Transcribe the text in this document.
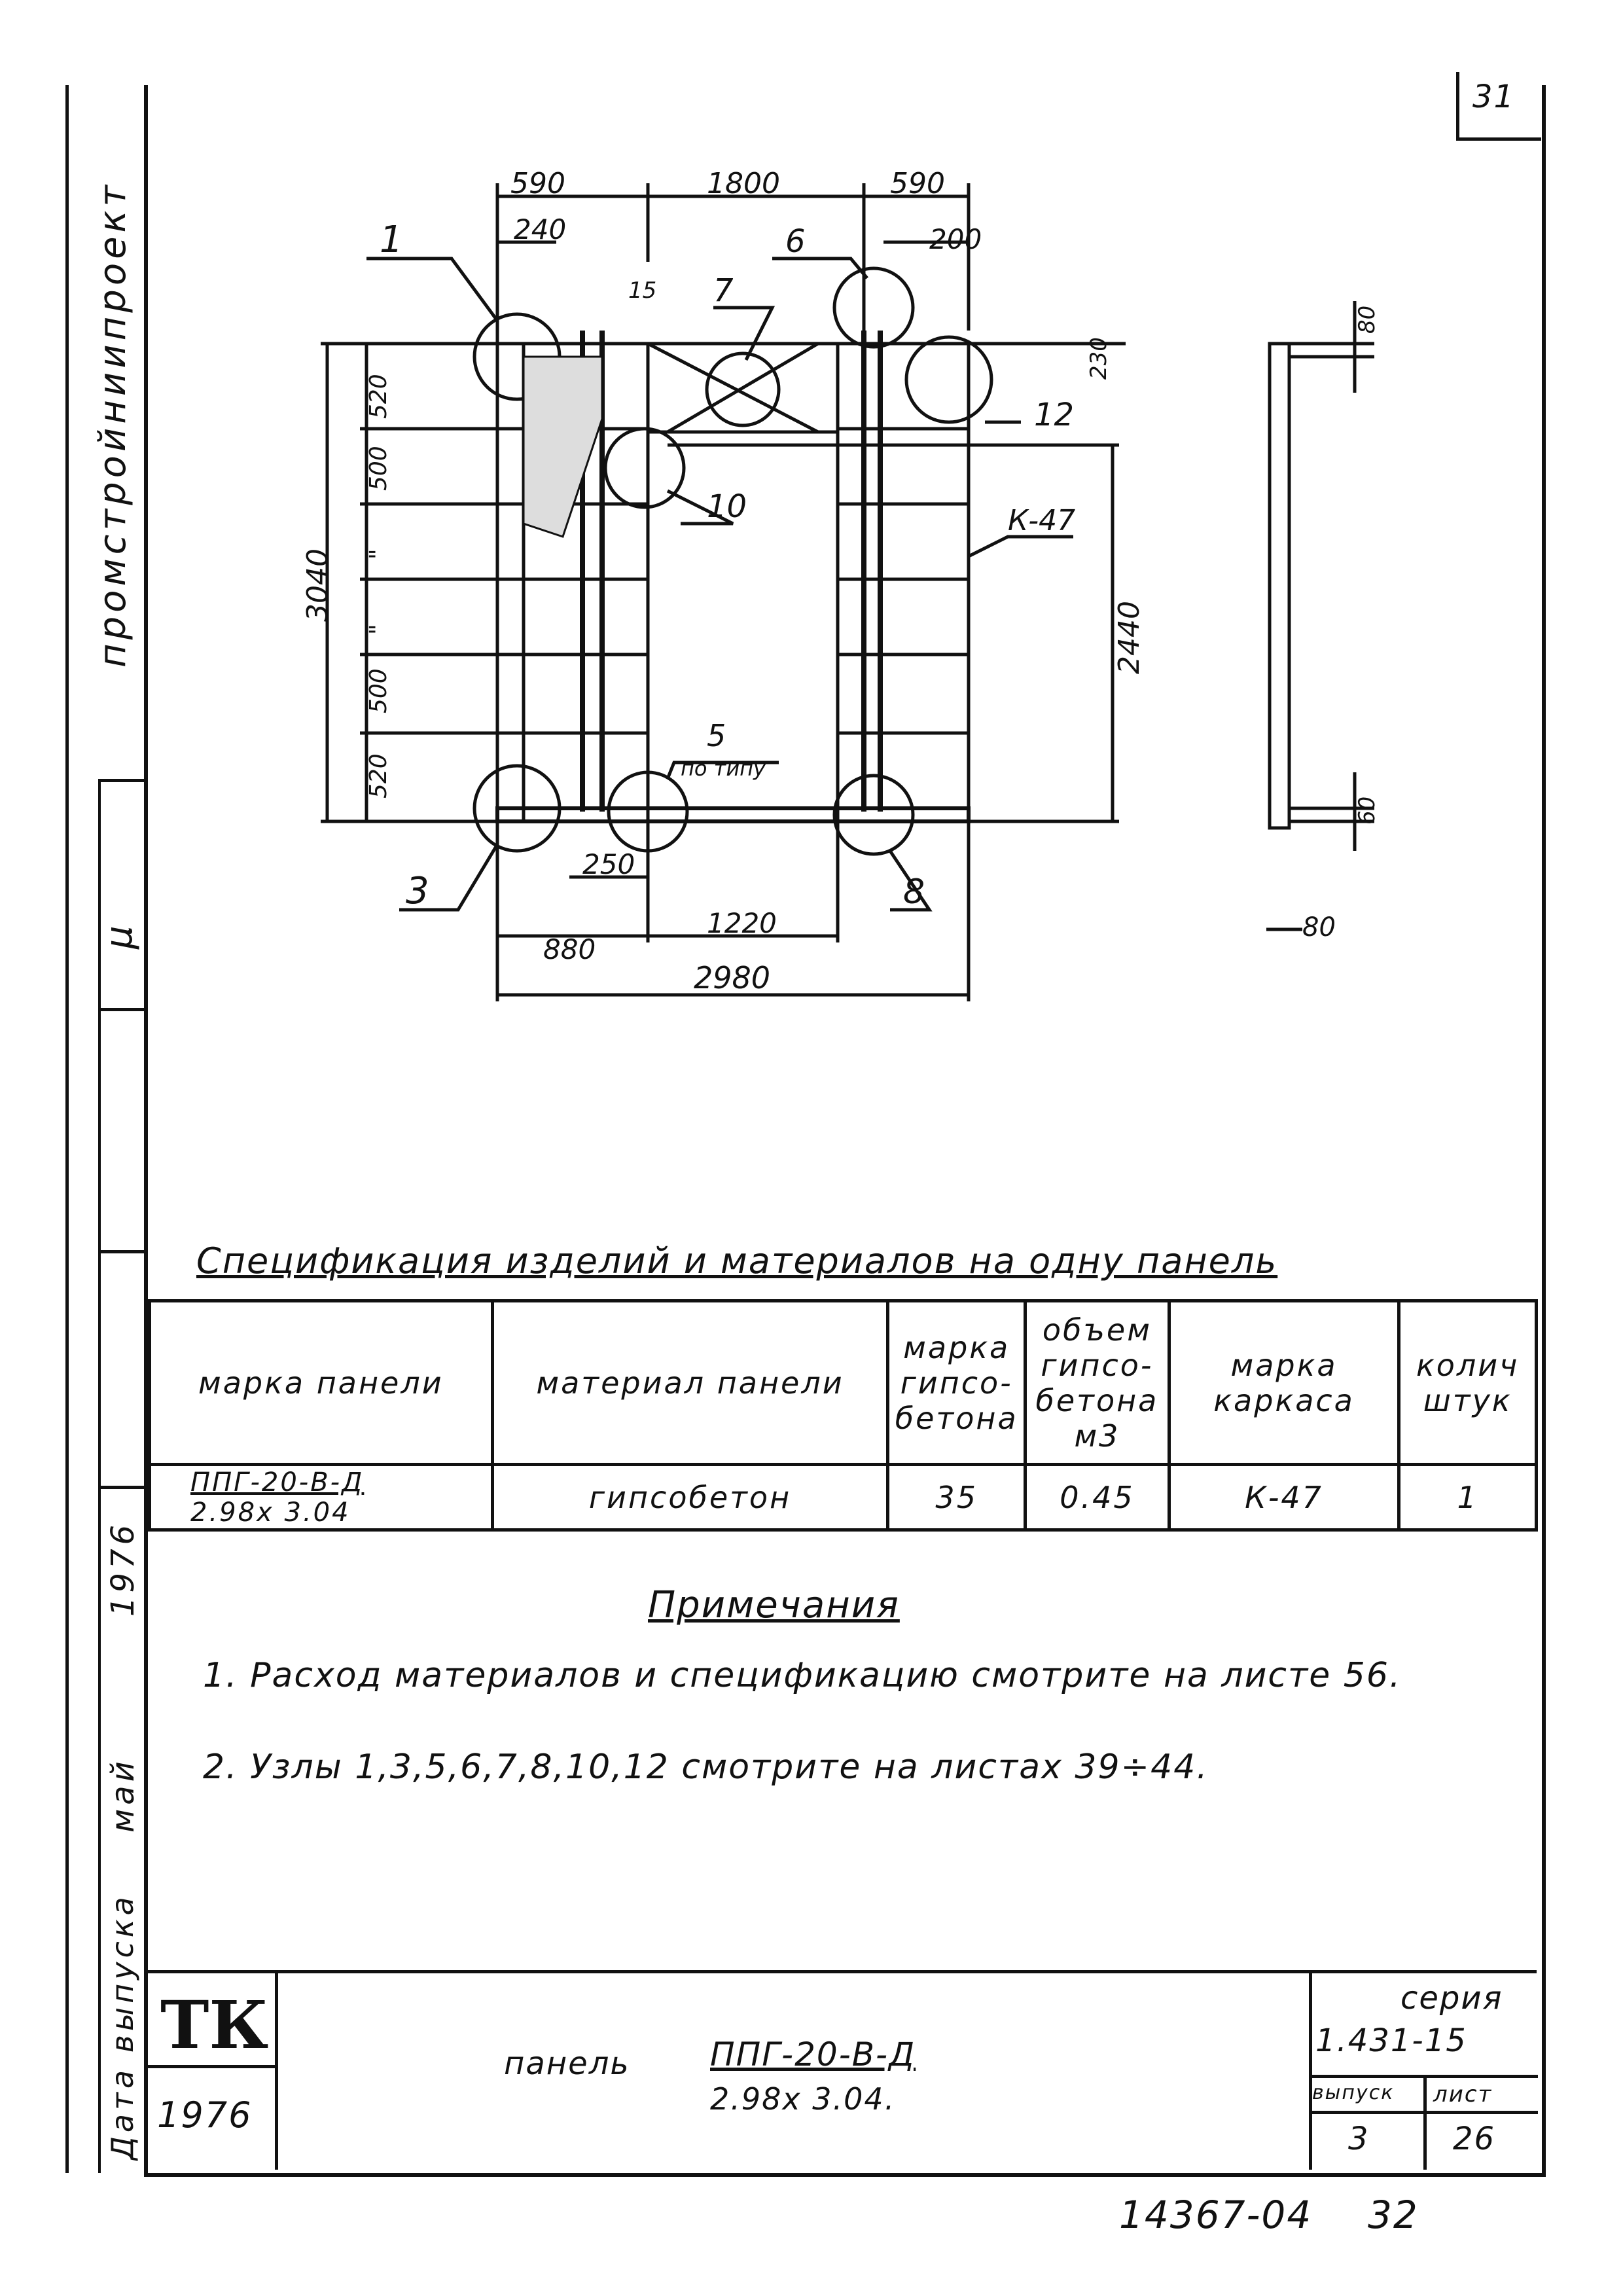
31
промстройниипроект
μ
1976
май
Дата выпуска
590	1800	590
240	200
15
1	6
7
12
10	К-47
5
по типу
3	8
230
3040
2440
520
500
"
"
500
520
250
880
1220
2980
80
60
80
Спецификация изделий и материалов на одну панель
марка панели	материал панели	марка гипсо-бетона	объем гипсо-бетона м3	марка каркаса	колич штук

ППГ-20-В-Д
2.98х 3.04	гипсобетон	35	0.45	К-47	1
Примечания
1. Расход материалов и спецификацию смотрите на листе 56.
2. Узлы 1,3,5,6,7,8,10,12 смотрите на листах 39÷44.
ТК
1976
панель ППГ-20-В-Д
2.98х 3.04.
серия
1.431-15
выпуск лист
3	26
14367-04 32
